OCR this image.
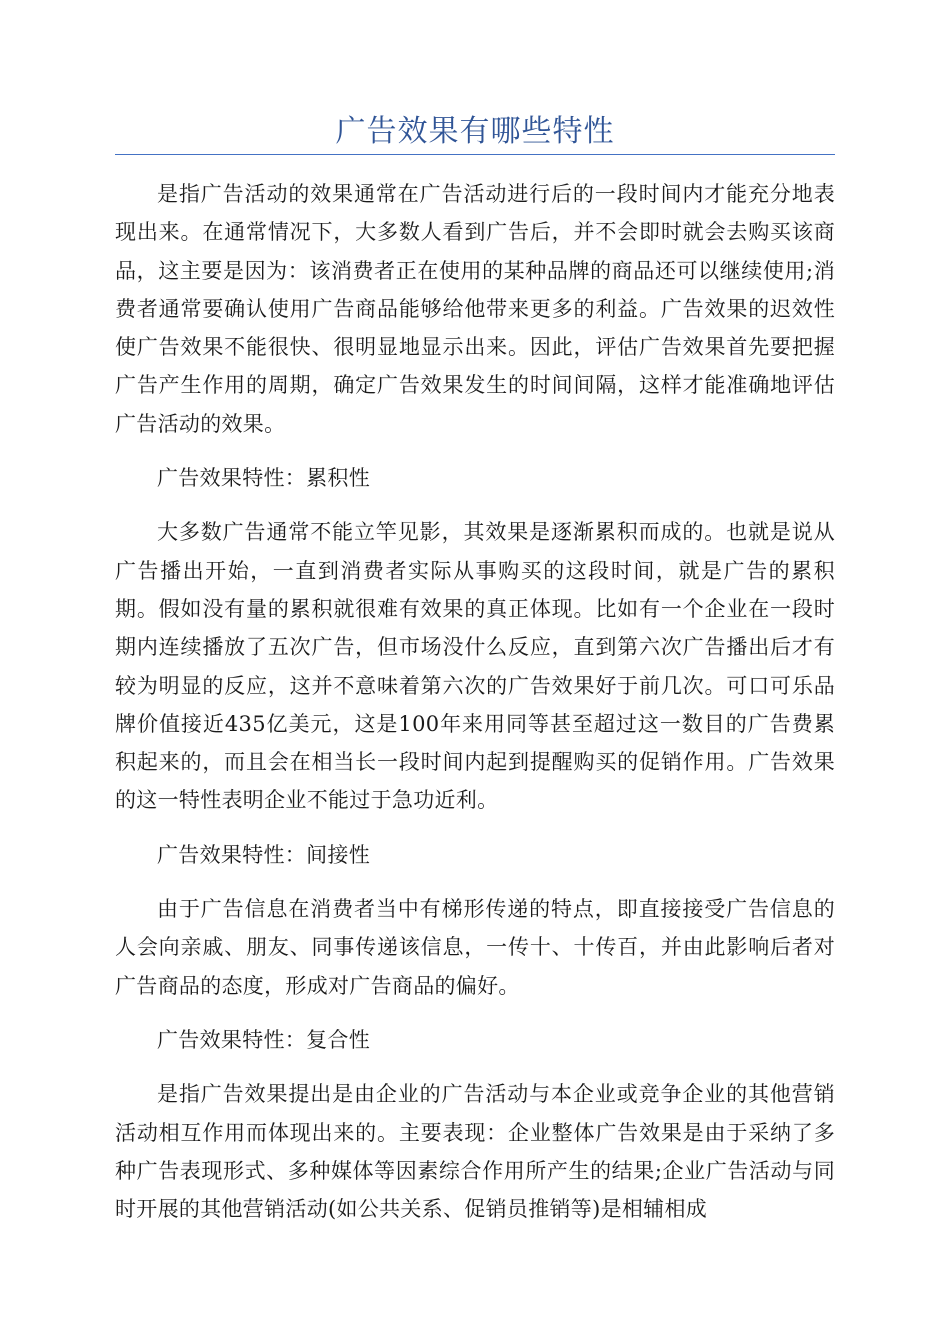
广告效果有哪些特性

是指广告活动的效果通常在广告活动进行后的一段时间内才能充分地表现出来。在通常情况下，大多数人看到广告后，并不会即时就会去购买该商品，这主要是因为：该消费者正在使用的某种品牌的商品还可以继续使用;消费者通常要确认使用广告商品能够给他带来更多的利益。广告效果的迟效性使广告效果不能很快、很明显地显示出来。因此，评估广告效果首先要把握广告产生作用的周期，确定广告效果发生的时间间隔，这样才能准确地评估广告活动的效果。

广告效果特性：累积性

大多数广告通常不能立竿见影，其效果是逐渐累积而成的。也就是说从广告播出开始，一直到消费者实际从事购买的这段时间，就是广告的累积期。假如没有量的累积就很难有效果的真正体现。比如有一个企业在一段时期内连续播放了五次广告，但市场没什么反应，直到第六次广告播出后才有较为明显的反应，这并不意味着第六次的广告效果好于前几次。可口可乐品牌价值接近435亿美元，这是100年来用同等甚至超过这一数目的广告费累积起来的，而且会在相当长一段时间内起到提醒购买的促销作用。广告效果的这一特性表明企业不能过于急功近利。

广告效果特性：间接性

由于广告信息在消费者当中有梯形传递的特点，即直接接受广告信息的人会向亲戚、朋友、同事传递该信息，一传十、十传百，并由此影响后者对广告商品的态度，形成对广告商品的偏好。

广告效果特性：复合性

是指广告效果提出是由企业的广告活动与本企业或竞争企业的其他营销活动相互作用而体现出来的。主要表现：企业整体广告效果是由于采纳了多种广告表现形式、多种媒体等因素综合作用所产生的结果;企业广告活动与同时开展的其他营销活动(如公共关系、促销员推销等)是相辅相成
